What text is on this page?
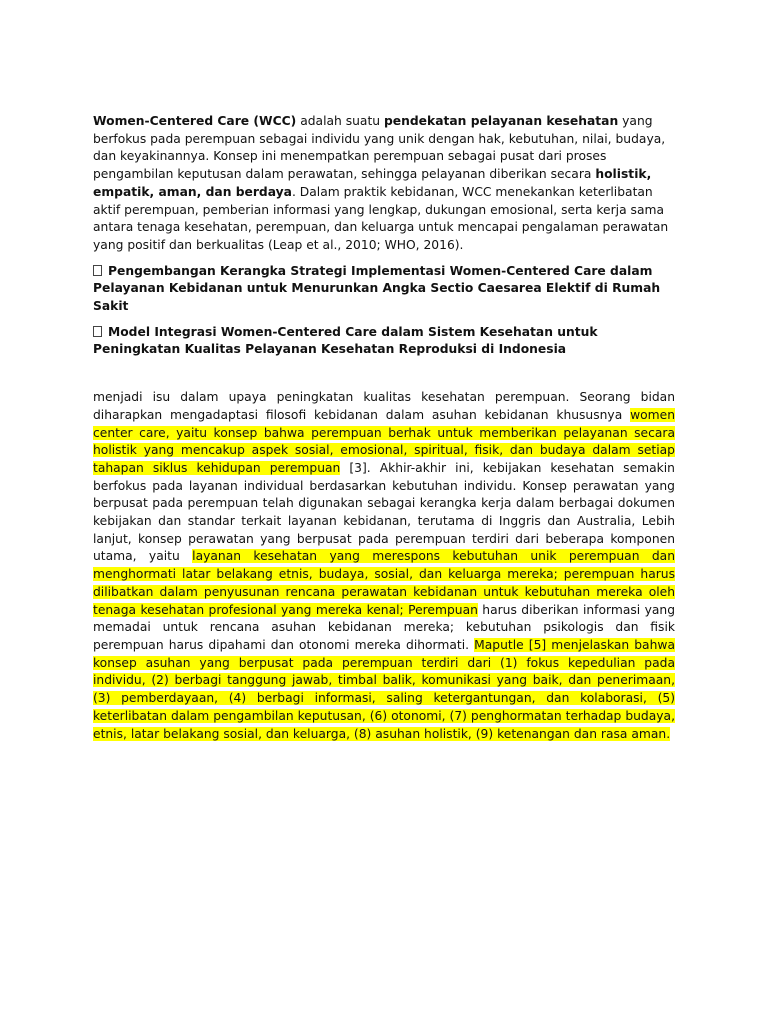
Women-Centered Care (WCC) adalah suatu pendekatan pelayanan kesehatan yang berfokus pada perempuan sebagai individu yang unik dengan hak, kebutuhan, nilai, budaya, dan keyakinannya. Konsep ini menempatkan perempuan sebagai pusat dari proses pengambilan keputusan dalam perawatan, sehingga pelayanan diberikan secara holistik, empatik, aman, dan berdaya. Dalam praktik kebidanan, WCC menekankan keterlibatan aktif perempuan, pemberian informasi yang lengkap, dukungan emosional, serta kerja sama antara tenaga kesehatan, perempuan, dan keluarga untuk mencapai pengalaman perawatan yang positif dan berkualitas (Leap et al., 2010; WHO, 2016).

Pengembangan Kerangka Strategi Implementasi Women-Centered Care dalam Pelayanan Kebidanan untuk Menurunkan Angka Sectio Caesarea Elektif di Rumah Sakit

Model Integrasi Women-Centered Care dalam Sistem Kesehatan untuk Peningkatan Kualitas Pelayanan Kesehatan Reproduksi di Indonesia

menjadi isu dalam upaya peningkatan kualitas kesehatan perempuan. Seorang bidan diharapkan mengadaptasi filosofi kebidanan dalam asuhan kebidanan khususnya women center care, yaitu konsep bahwa perempuan berhak untuk memberikan pelayanan secara holistik yang mencakup aspek sosial, emosional, spiritual, fisik, dan budaya dalam setiap tahapan siklus kehidupan perempuan [3]. Akhir-akhir ini, kebijakan kesehatan semakin berfokus pada layanan individual berdasarkan kebutuhan individu. Konsep perawatan yang berpusat pada perempuan telah digunakan sebagai kerangka kerja dalam berbagai dokumen kebijakan dan standar terkait layanan kebidanan, terutama di Inggris dan Australia, Lebih lanjut, konsep perawatan yang berpusat pada perempuan terdiri dari beberapa komponen utama, yaitu layanan kesehatan yang merespons kebutuhan unik perempuan dan menghormati latar belakang etnis, budaya, sosial, dan keluarga mereka; perempuan harus dilibatkan dalam penyusunan rencana perawatan kebidanan untuk kebutuhan mereka oleh tenaga kesehatan profesional yang mereka kenal; Perempuan harus diberikan informasi yang memadai untuk rencana asuhan kebidanan mereka; kebutuhan psikologis dan fisik perempuan harus dipahami dan otonomi mereka dihormati. Maputle [5] menjelaskan bahwa konsep asuhan yang berpusat pada perempuan terdiri dari (1) fokus kepedulian pada individu, (2) berbagi tanggung jawab, timbal balik, komunikasi yang baik, dan penerimaan, (3) pemberdayaan, (4) berbagi informasi, saling ketergantungan, dan kolaborasi, (5) keterlibatan dalam pengambilan keputusan, (6) otonomi, (7) penghormatan terhadap budaya, etnis, latar belakang sosial, dan keluarga, (8) asuhan holistik, (9) ketenangan dan rasa aman.
